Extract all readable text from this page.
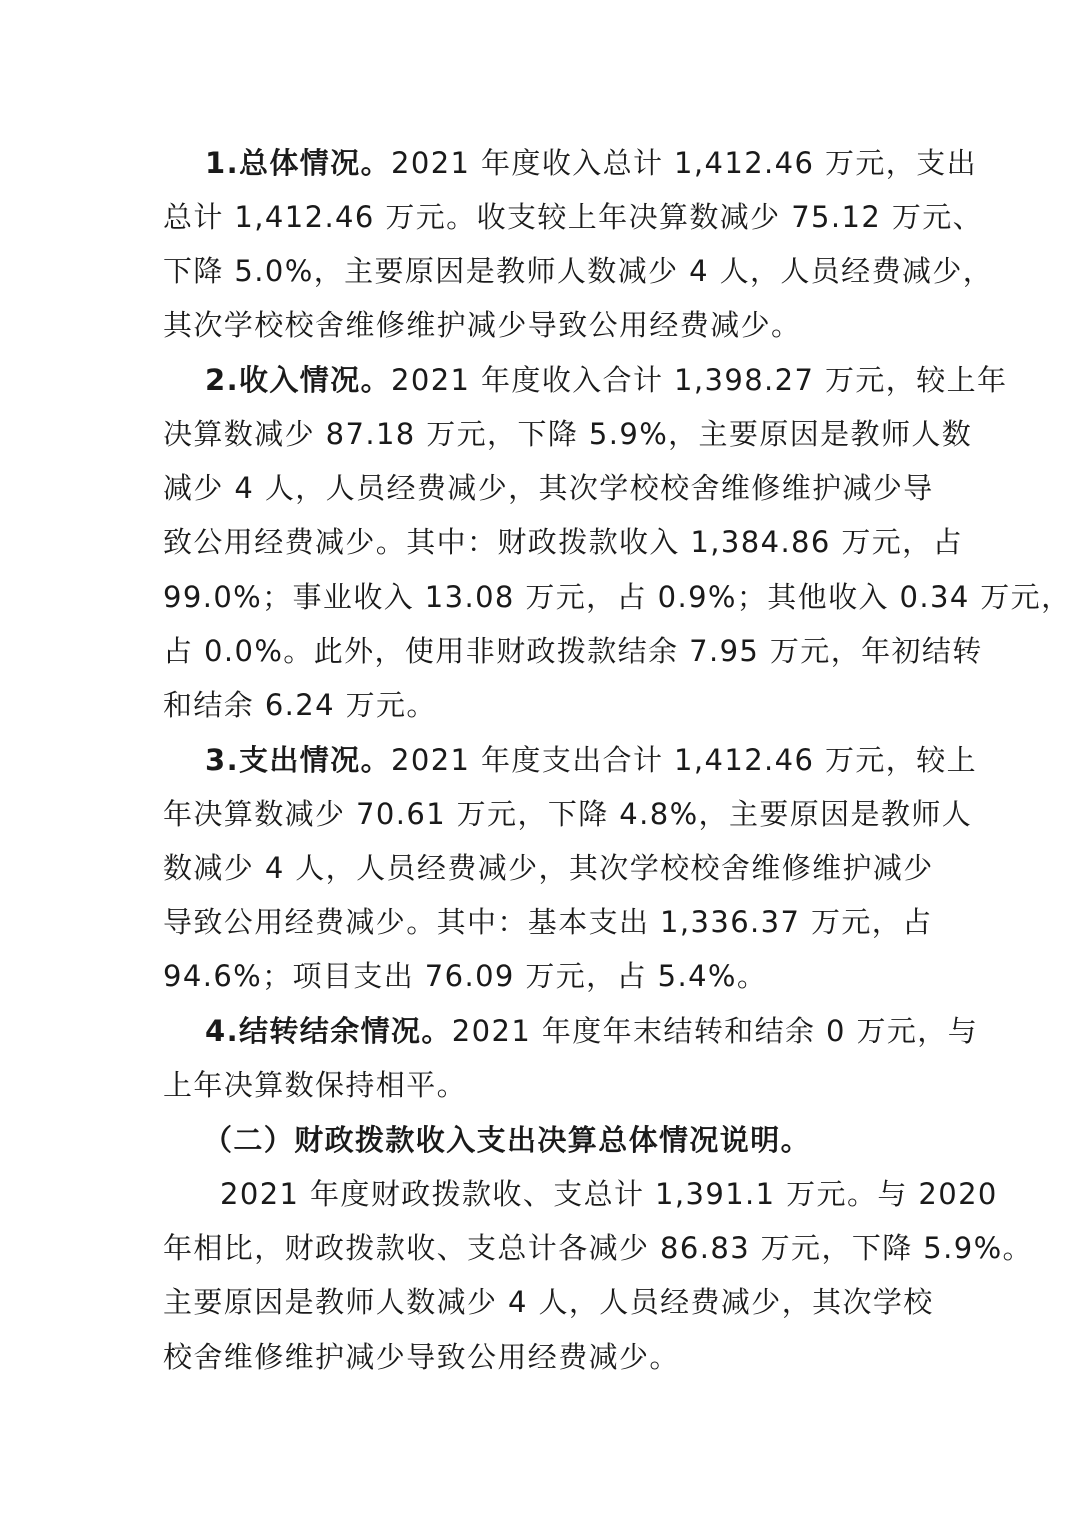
1.总体情况。2021 年度收入总计 1,412.46 万元，支出
总计 1,412.46 万元。收支较上年决算数减少 75.12 万元、
下降 5.0%，主要原因是教师人数减少 4 人，人员经费减少，
其次学校校舍维修维护减少导致公用经费减少。
2.收入情况。2021 年度收入合计 1,398.27 万元，较上年
决算数减少 87.18 万元，下降 5.9%，主要原因是教师人数
减少 4 人，人员经费减少，其次学校校舍维修维护减少导
致公用经费减少。其中：财政拨款收入 1,384.86 万元，占
99.0%；事业收入 13.08 万元，占 0.9%；其他收入 0.34 万元，
占 0.0%。此外，使用非财政拨款结余 7.95 万元，年初结转
和结余 6.24 万元。
3.支出情况。2021 年度支出合计 1,412.46 万元，较上
年决算数减少 70.61 万元，下降 4.8%，主要原因是教师人
数减少 4 人，人员经费减少，其次学校校舍维修维护减少
导致公用经费减少。其中：基本支出 1,336.37 万元，占
94.6%；项目支出 76.09 万元，占 5.4%。
4.结转结余情况。2021 年度年末结转和结余 0 万元，与
上年决算数保持相平。
（二）财政拨款收入支出决算总体情况说明。
2021 年度财政拨款收、支总计 1,391.1 万元。与 2020
年相比，财政拨款收、支总计各减少 86.83 万元，下降 5.9%。
主要原因是教师人数减少 4 人，人员经费减少，其次学校
校舍维修维护减少导致公用经费减少。
